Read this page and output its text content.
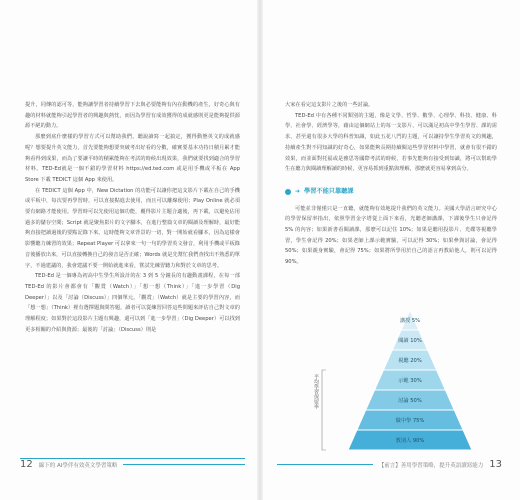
提升，同傳的認可等，能夠讓學習者持續學習下去與必要能夠有內在動機的產生，好奇心與有趣的材料就能夠引起學習者的興趣與熱忱，而因為學習有成效獲得的成就感則更是能夠提供源源不絕的動力。

那麼到底什麼樣的學習方式可以幫助我們，聽說讀寫一起搞定，獲得動態英文的成就感呢？想要提升英文能力，首先要能夠想要突破考出好看的分數，確實要基本功持日積月累才能夠看得到成果，而為了要讓平時的積累能夠在考試的時候出現效果，我們就要找到適合的學習材料。TED-Ed就是一個不錯的學習材料 https://ed.ted.com 或是用手機或平板在 App Store 下載 TEDICT 這個 App 來使用。

在 TEDICT 這個 App 中，New Dictation 的功能可以讓你把這支影片下載在自己的手機或平板中，每次要再學習時，可以直接點進去使用，而且可以離線使用；Play Online 就必須要有網路才能使用。學習時可以先使用這個功能，覆得影片主題合適後，再下載，以避免佔用過多的儲存空間；Script 就是聚焦影片的文字腳本，在進行整篇文章的閱讀及理解時，最好能夠直接把讀過後的要點記錄下來。這時能夠文章背景的一切，對一開始就看腳本，因為這樣會影響聽力練習的效果；Repeat Player 可以拿來一句一句的學習英文發音，利用手機或平板錄音後播放出來，可以直接轉換自己的發音是否正確；Words 就是先幫忙我們查找出不熟悉的單字，不過建議的，我會建議不要一開始就進來看，嘗試先練習聽力和對於文章的思考。

TED-Ed 是一個專為初高中生學生所設計的在 3 到 5 分鐘長的有趣動畫課程，在每一部 TED-Ed 的影片會都會有「觀賞（Watch）」「想一想（Think）」「進一步學習（Dig Deeper）」以及「討論（Discuss）」四個單元。「觀賞」（Watch）就是主要的學習內容，而「想一想」（Think）裡有選擇題與問答題，讀者可以從練習回答這些問題來評估自己對文章的理解程度；如果對於這段影片主題有興趣，還可以到「進一步學習」（Dig Deeper）可以找到更多相關的介紹與資源；最後的「討論」（Discuss）則是

大家在看完這支影片之後的一些討論。

TED-Ed 中有各種不同類別的主題，像是文學、哲學、數學、心理學、科技、健康、科學、社會學、經濟學等，藉由這個網站上的每一支影片，可以滿足初高中學生學習、課的需求，甚至還有很多大學的科普知識，如此五花八門的主題，可以讓持學生學習英文的興趣，持續產生對不同知識的好奇心，如果能夠長期持續閱這些學習材料中學習，就會有很不錯的效果，而並面對托福或是雅思等國際考試的時候，若事先能夠有接受到知識，將可以幫助學生在聽力與閱讀理解讀的時候，更容易抓到重點與理解，那麼就更容易拿到高分。

➜ 學習不能只靠聽課

可能並非僅僅只是一直聽，就能夠有效地提升我們的英文能力。美國大學語言研究中心的學習保留率指出，依照學習金字塔從上面下來看，光聽老師講課，下課後學生只會記得 5% 的內容；如果新書看閱讀課，那麼可以記住 10%；如果是聽用投影片、光碟等視聽學習，學生會記得 20%；如果老師上課示範實驗，可以記得 30%；如果參與討論，會記得 50%；如果親身實驗，會記得 75%；如果將所學用於自己的語言再教給他人，則可以記得 90%。

講授 5%
閱讀 10%
視聽 20%
示範 30%
討論 50%
做中學 75%
教別人 90%
平均學習保留率
12 線下的 AI學伴有效英文學習策略	【前言】善用學習策略，提升英語讀寫能力 13
